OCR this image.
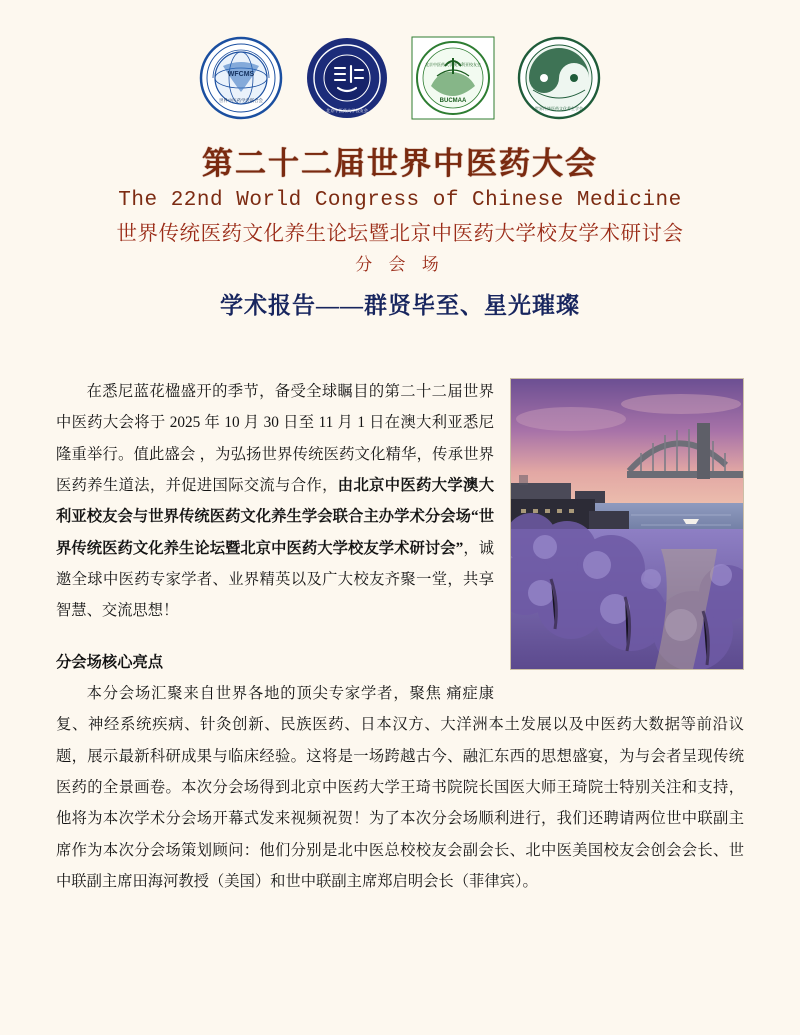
WFCMS
世界中医药学会联合会
北京中医药大学校友会
BUCMAA
北京中医药大学澳大利亚校友会
世界传统医药文化养生学会
第二十二届世界中医药大会
The 22nd World Congress of Chinese Medicine
世界传统医药文化养生论坛暨北京中医药大学校友学术研讨会
分 会 场
学术报告——群贤毕至、星光璀璨

在悉尼蓝花楹盛开的季节，备受全球瞩目的第二十二届世界中医药大会将于 2025 年 10 月 30 日至 11 月 1 日在澳大利亚悉尼隆重举行。值此盛会 ，为弘扬世界传统医药文化精华，传承世界医药养生道法，并促进国际交流与合作，由北京中医药大学澳大利亚校友会与世界传统医药文化养生学会联合主办学术分会场“世界传统医药文化养生论坛暨北京中医药大学校友学术研讨会”，诚邀全球中医药专家学者、业界精英以及广大校友齐聚一堂，共享智慧、交流思想！

分会场核心亮点

本分会场汇聚来自世界各地的顶尖专家学者，聚焦 痛症康复、神经系统疾病、针灸创新、民族医药、日本汉方、大洋洲本土发展以及中医药大数据等前沿议题，展示最新科研成果与临床经验。这将是一场跨越古今、融汇东西的思想盛宴，为与会者呈现传统医药的全景画卷。本次分会场得到北京中医药大学王琦书院院长国医大师王琦院士特别关注和支持，他将为本次学术分会场开幕式发来视频祝贺！为了本次分会场顺利进行，我们还聘请两位世中联副主席作为本次分会场策划顾问：他们分别是北中医总校校友会副会长、北中医美国校友会创会会长、世中联副主席田海河教授（美国）和世中联副主席郑启明会长（菲律宾）。
